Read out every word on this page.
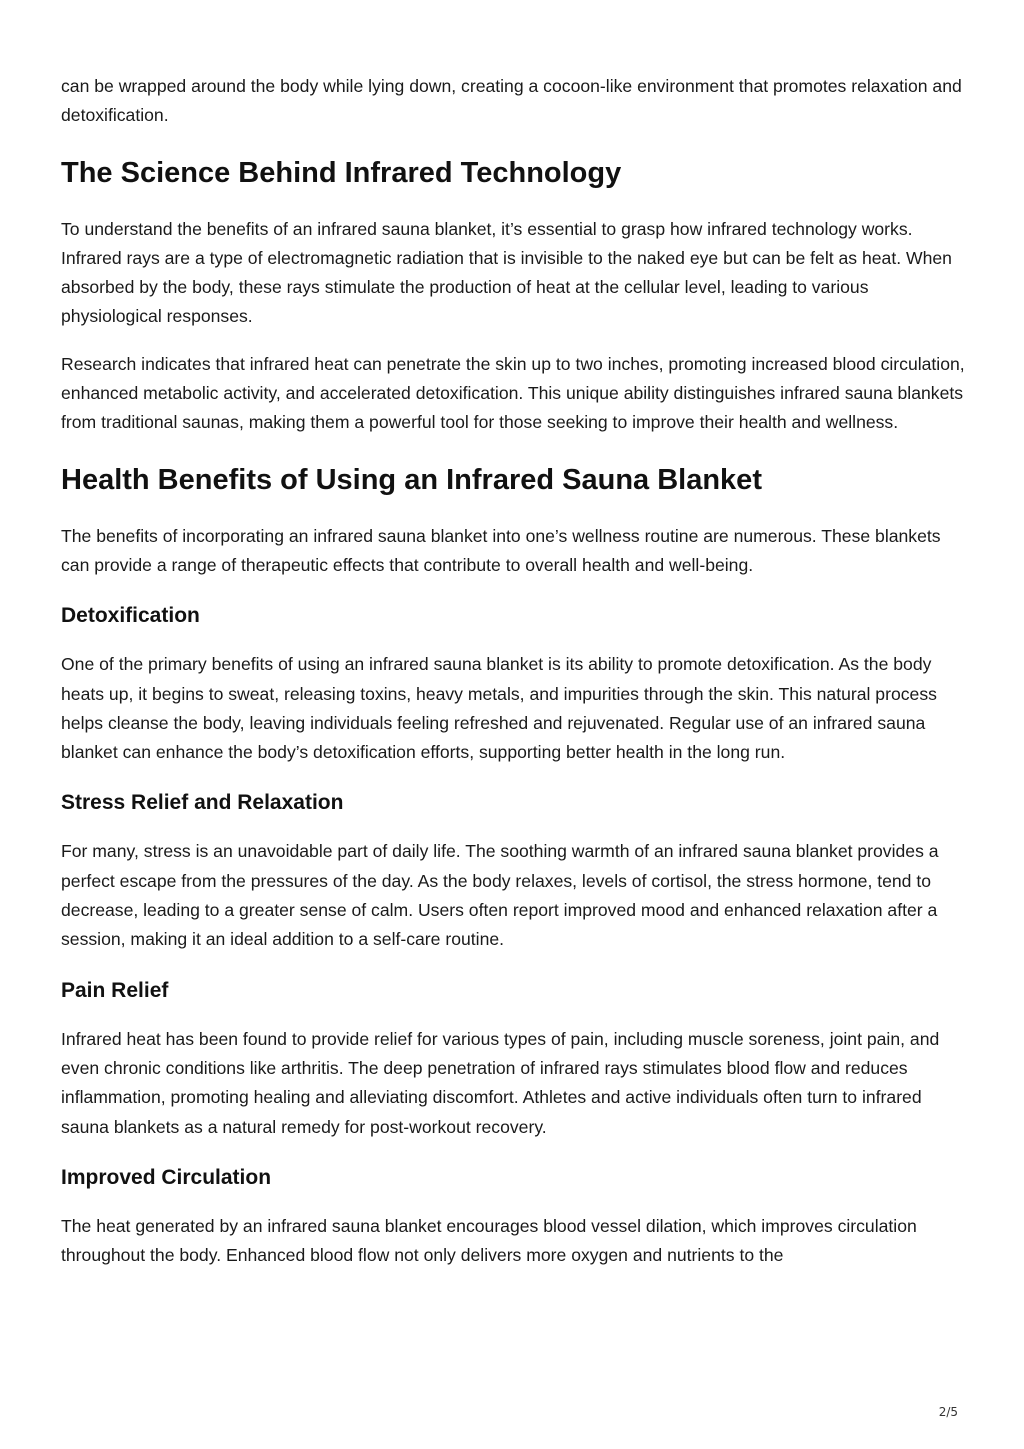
can be wrapped around the body while lying down, creating a cocoon-like environment that promotes relaxation and detoxification.

The Science Behind Infrared Technology

To understand the benefits of an infrared sauna blanket, it’s essential to grasp how infrared technology works. Infrared rays are a type of electromagnetic radiation that is invisible to the naked eye but can be felt as heat. When absorbed by the body, these rays stimulate the production of heat at the cellular level, leading to various physiological responses.

Research indicates that infrared heat can penetrate the skin up to two inches, promoting increased blood circulation, enhanced metabolic activity, and accelerated detoxification. This unique ability distinguishes infrared sauna blankets from traditional saunas, making them a powerful tool for those seeking to improve their health and wellness.

Health Benefits of Using an Infrared Sauna Blanket

The benefits of incorporating an infrared sauna blanket into one’s wellness routine are numerous. These blankets can provide a range of therapeutic effects that contribute to overall health and well-being.

Detoxification

One of the primary benefits of using an infrared sauna blanket is its ability to promote detoxification. As the body heats up, it begins to sweat, releasing toxins, heavy metals, and impurities through the skin. This natural process helps cleanse the body, leaving individuals feeling refreshed and rejuvenated. Regular use of an infrared sauna blanket can enhance the body’s detoxification efforts, supporting better health in the long run.

Stress Relief and Relaxation

For many, stress is an unavoidable part of daily life. The soothing warmth of an infrared sauna blanket provides a perfect escape from the pressures of the day. As the body relaxes, levels of cortisol, the stress hormone, tend to decrease, leading to a greater sense of calm. Users often report improved mood and enhanced relaxation after a session, making it an ideal addition to a self-care routine.

Pain Relief

Infrared heat has been found to provide relief for various types of pain, including muscle soreness, joint pain, and even chronic conditions like arthritis. The deep penetration of infrared rays stimulates blood flow and reduces inflammation, promoting healing and alleviating discomfort. Athletes and active individuals often turn to infrared sauna blankets as a natural remedy for post-workout recovery.

Improved Circulation

The heat generated by an infrared sauna blanket encourages blood vessel dilation, which improves circulation throughout the body. Enhanced blood flow not only delivers more oxygen and nutrients to the

2/5
